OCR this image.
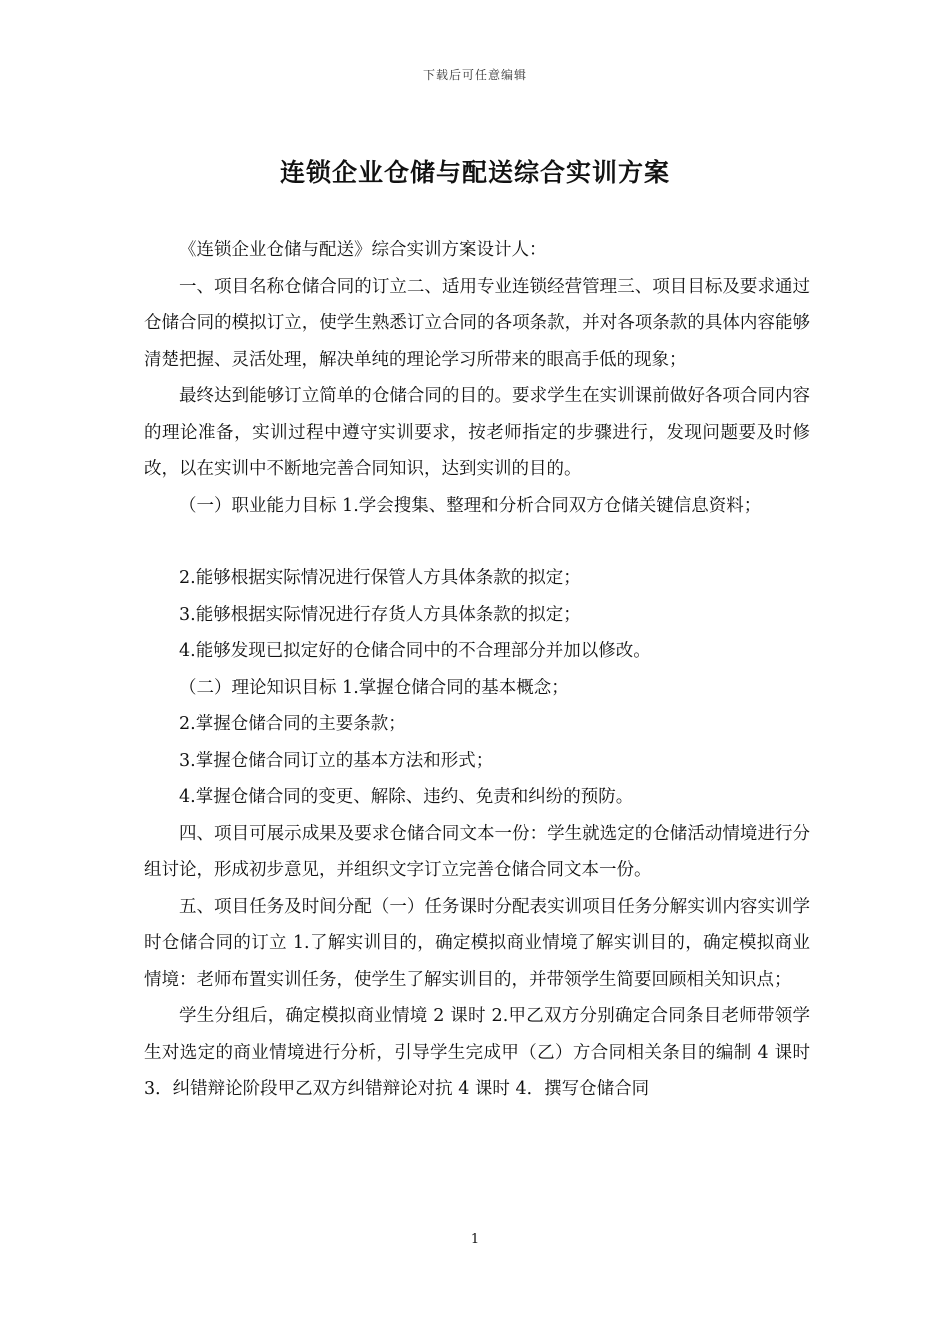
下载后可任意编辑
连锁企业仓储与配送综合实训方案

《连锁企业仓储与配送》综合实训方案设计人：

一、项目名称仓储合同的订立二、适用专业连锁经营管理三、项目目标及要求通过仓储合同的模拟订立，使学生熟悉订立合同的各项条款，并对各项条款的具体内容能够清楚把握、灵活处理，解决单纯的理论学习所带来的眼高手低的现象；

最终达到能够订立简单的仓储合同的目的。要求学生在实训课前做好各项合同内容的理论准备，实训过程中遵守实训要求，按老师指定的步骤进行，发现问题要及时修改，以在实训中不断地完善合同知识，达到实训的目的。

（一）职业能力目标 1.学会搜集、整理和分析合同双方仓储关键信息资料；

2.能够根据实际情况进行保管人方具体条款的拟定；

3.能够根据实际情况进行存货人方具体条款的拟定；

4.能够发现已拟定好的仓储合同中的不合理部分并加以修改。

（二）理论知识目标 1.掌握仓储合同的基本概念；

2.掌握仓储合同的主要条款；

3.掌握仓储合同订立的基本方法和形式；

4.掌握仓储合同的变更、解除、违约、免责和纠纷的预防。

四、项目可展示成果及要求仓储合同文本一份：学生就选定的仓储活动情境进行分组讨论，形成初步意见，并组织文字订立完善仓储合同文本一份。

五、项目任务及时间分配（一）任务课时分配表实训项目任务分解实训内容实训学时仓储合同的订立 1.了解实训目的，确定模拟商业情境了解实训目的，确定模拟商业情境：老师布置实训任务，使学生了解实训目的，并带领学生简要回顾相关知识点；

学生分组后，确定模拟商业情境 2 课时 2.甲乙双方分别确定合同条目老师带领学生对选定的商业情境进行分析，引导学生完成甲（乙）方合同相关条目的编制 4 课时 3．纠错辩论阶段甲乙双方纠错辩论对抗 4 课时 4．撰写仓储合同

1
